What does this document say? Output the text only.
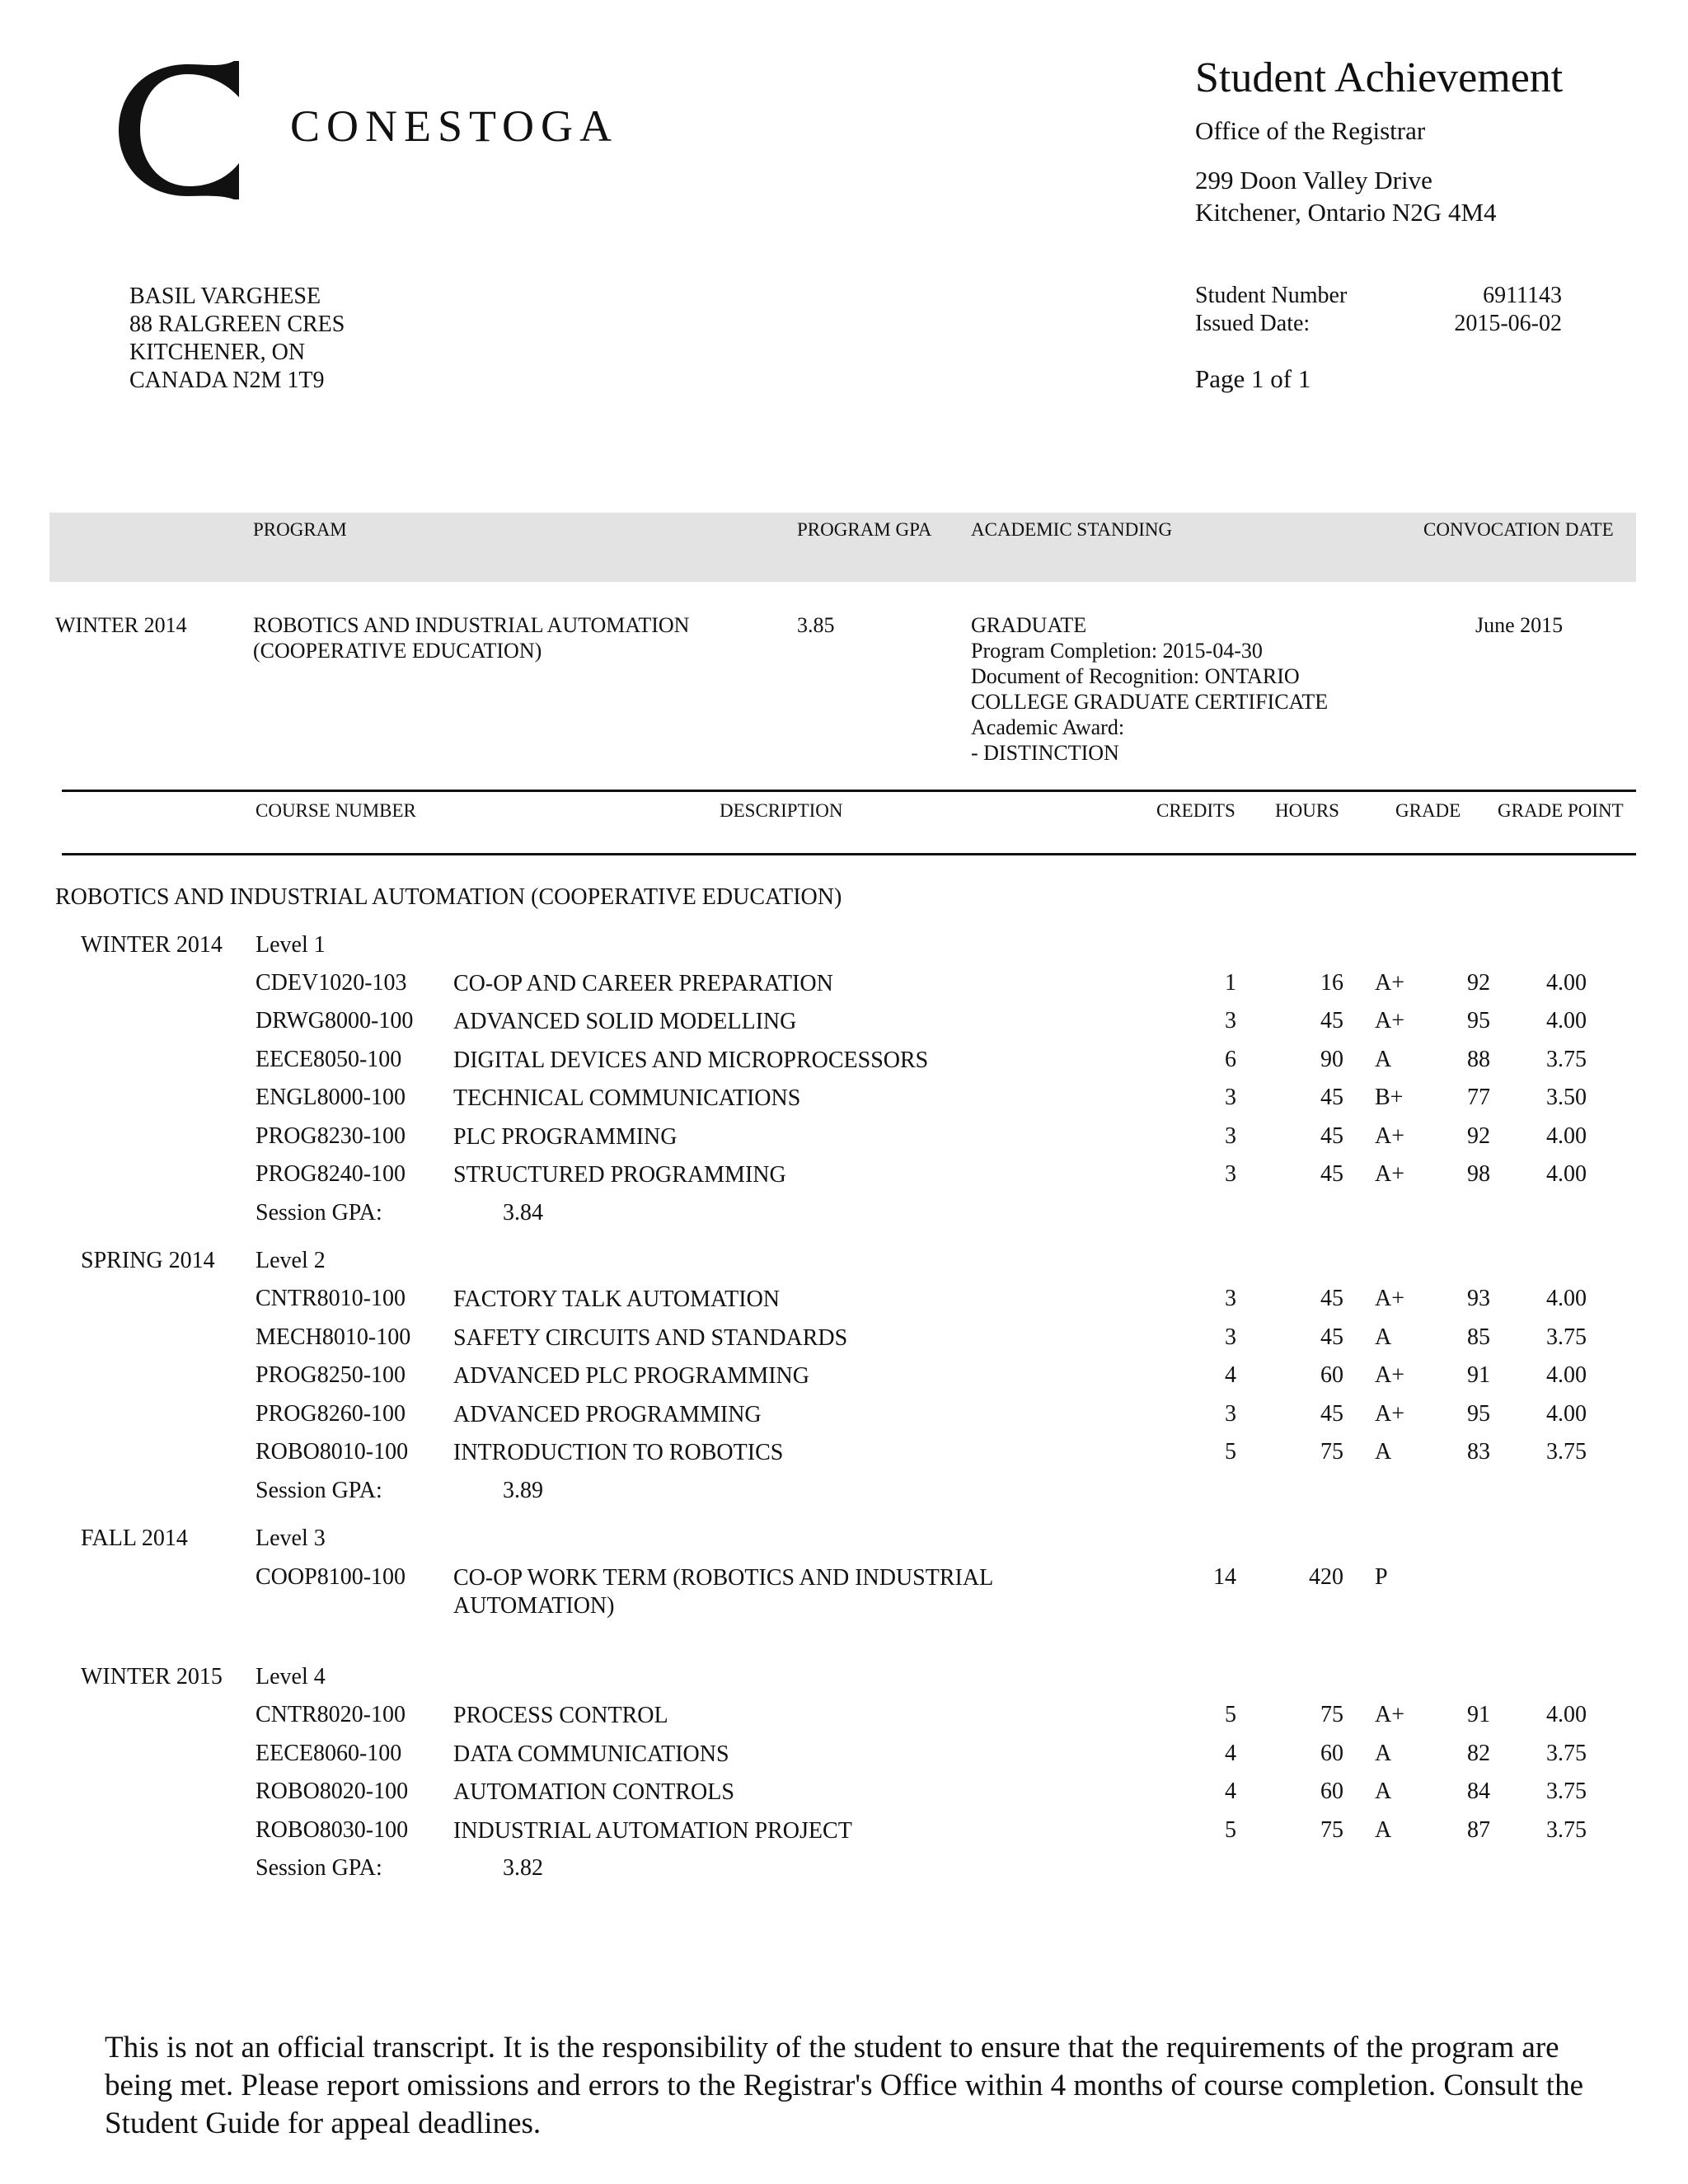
CONESTOGA
Student Achievement
Office of the Registrar
299 Doon Valley Drive
Kitchener, Ontario N2G 4M4
BASIL VARGHESE
88 RALGREEN CRES
KITCHENER, ON
CANADA N2M 1T9
Student Number	6911143
Issued Date:	2015-06-02
Page 1 of 1
PROGRAM	PROGRAM GPA ACADEMIC STANDING	CONVOCATION DATE
WINTER 2014	ROBOTICS AND INDUSTRIAL AUTOMATION
(COOPERATIVE EDUCATION)
3.85	GRADUATE
Program Completion: 2015-04-30
Document of Recognition: ONTARIO
COLLEGE GRADUATE CERTIFICATE
Academic Award:
- DISTINCTION
June 2015
COURSE NUMBER	DESCRIPTION	CREDITS HOURS	GRADE GRADE POINT
ROBOTICS AND INDUSTRIAL AUTOMATION (COOPERATIVE EDUCATION)
WINTER 2014 Level 1
CDEV1020-103 CO-OP AND CAREER PREPARATION	1	16 A+	92	4.00
DRWG8000-100 ADVANCED SOLID MODELLING	3	45 A+	95	4.00
EECE8050-100 DIGITAL DEVICES AND MICROPROCESSORS	6	90 A	88	3.75
ENGL8000-100 TECHNICAL COMMUNICATIONS	3	45 B+	77	3.50
PROG8230-100 PLC PROGRAMMING	3	45 A+	92	4.00
PROG8240-100 STRUCTURED PROGRAMMING	3	45 A+	98	4.00
Session GPA:	3.84
SPRING 2014 Level 2
CNTR8010-100 FACTORY TALK AUTOMATION	3	45 A+	93	4.00
MECH8010-100 SAFETY CIRCUITS AND STANDARDS	3	45 A	85	3.75
PROG8250-100 ADVANCED PLC PROGRAMMING	4	60 A+	91	4.00
PROG8260-100 ADVANCED PROGRAMMING	3	45 A+	95	4.00
ROBO8010-100 INTRODUCTION TO ROBOTICS	5	75 A	83	3.75
Session GPA:	3.89
FALL 2014	Level 3
COOP8100-100 CO-OP WORK TERM (ROBOTICS AND INDUSTRIAL AUTOMATION)
14	420 P
WINTER 2015 Level 4
CNTR8020-100 PROCESS CONTROL	5	75 A+	91	4.00
EECE8060-100 DATA COMMUNICATIONS	4	60 A	82	3.75
ROBO8020-100 AUTOMATION CONTROLS	4	60 A	84	3.75
ROBO8030-100 INDUSTRIAL AUTOMATION PROJECT	5	75 A	87	3.75
Session GPA:	3.82
This is not an official transcript. It is the responsibility of the student to ensure that the requirements of the program are being met. Please report omissions and errors to the Registrar's Office within 4 months of course completion. Consult the Student Guide for appeal deadlines.
